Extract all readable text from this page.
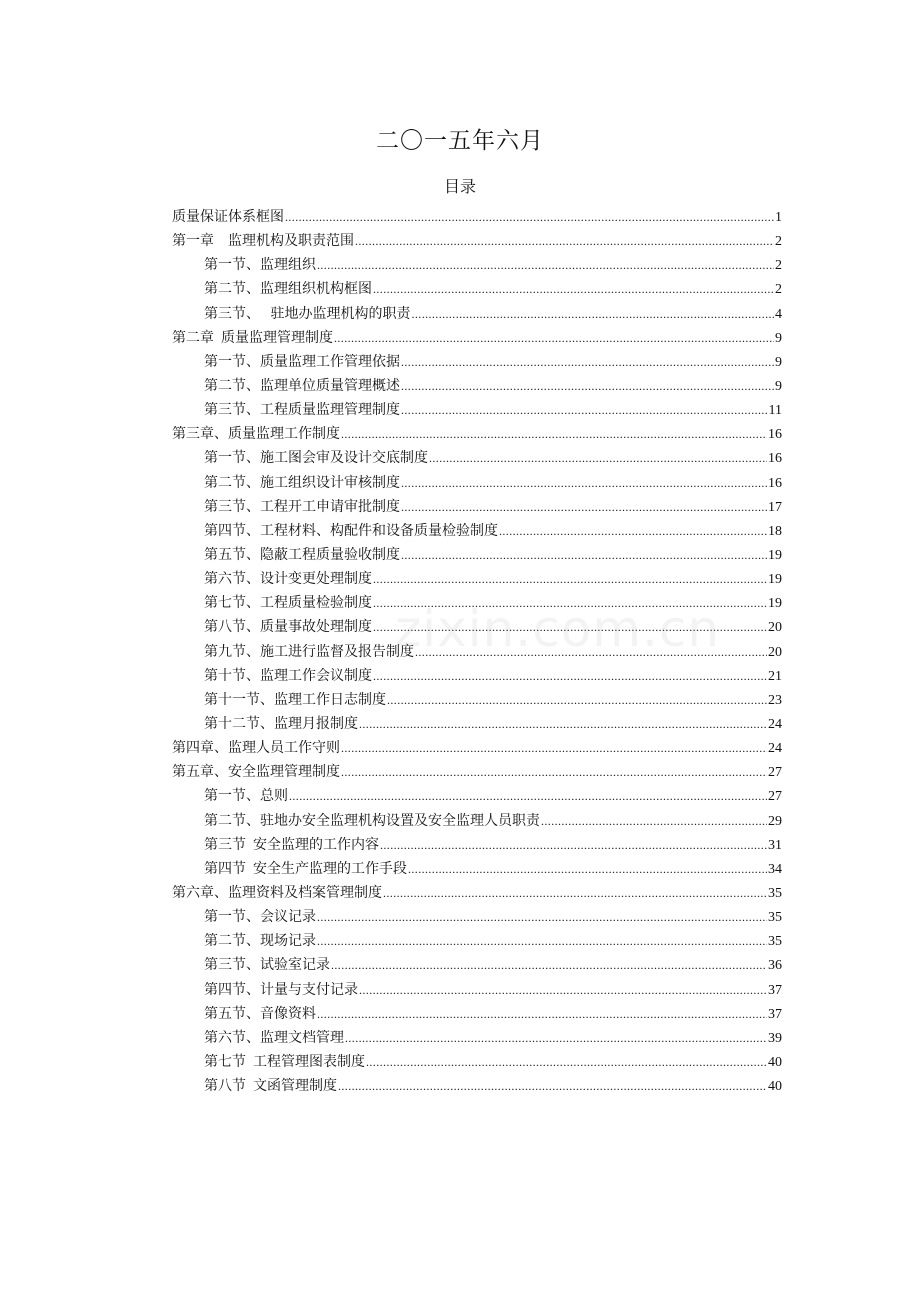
二〇一五年六月
目录
质量保证体系框图 .....	1
第一章    监理机构及职责范围 .....	2
第一节、监理组织 .....	2
第二节、监理组织机构框图 .....	2
第三节、   驻地办监理机构的职责 .....	4
第二章  质量监理管理制度 .....	9
第一节、质量监理工作管理依据 .....	9
第二节、监理单位质量管理概述 .....	9
第三节、工程质量监理管理制度 .....	11
第三章、质量监理工作制度 .....	16
第一节、施工图会审及设计交底制度 .....	16
第二节、施工组织设计审核制度 .....	16
第三节、工程开工申请审批制度 .....	17
第四节、工程材料、构配件和设备质量检验制度 .....	18
第五节、隐蔽工程质量验收制度 .....	19
第六节、设计变更处理制度 .....	19
第七节、工程质量检验制度 .....	19
第八节、质量事故处理制度 .....	20
第九节、施工进行监督及报告制度 .....	20
第十节、监理工作会议制度 .....	21
第十一节、监理工作日志制度 .....	23
第十二节、监理月报制度 .....	24
第四章、监理人员工作守则 .....	24
第五章、安全监理管理制度 .....	27
第一节、总则 .....	27
第二节、驻地办安全监理机构设置及安全监理人员职责 .....	29
第三节  安全监理的工作内容 .....	31
第四节  安全生产监理的工作手段 .....	34
第六章、监理资料及档案管理制度 .....	35
第一节、会议记录 .....	35
第二节、现场记录 .....	35
第三节、试验室记录 .....	36
第四节、计量与支付记录 .....	37
第五节、音像资料 .....	37
第六节、监理文档管理 .....	39
第七节  工程管理图表制度 .....	40
第八节  文函管理制度 .....	40
zixin.com.cn
